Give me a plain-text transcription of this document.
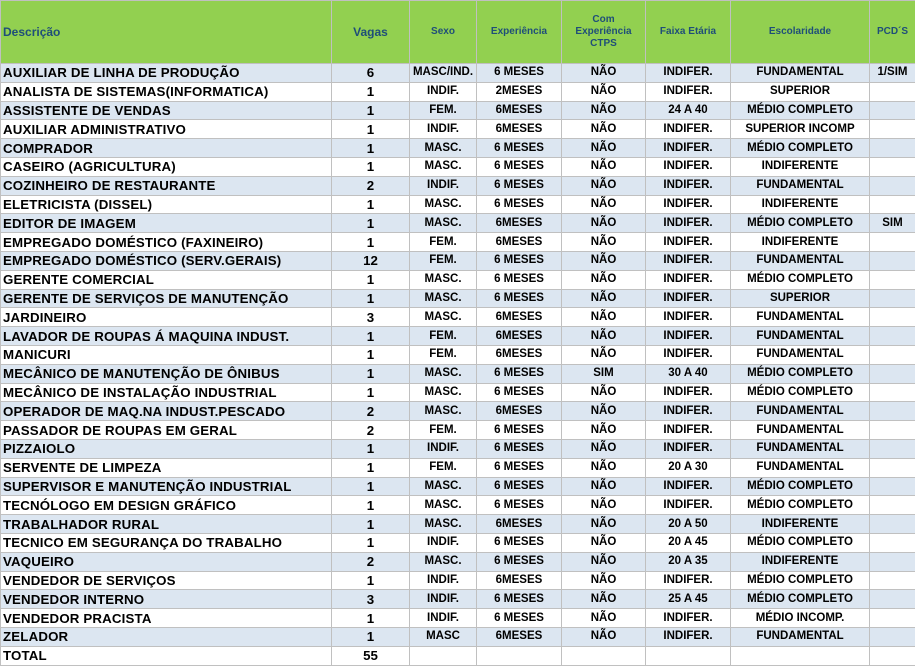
Descrição	Vagas	Sexo	Experiência	Com Experiência CTPS	Faixa Etária	Escolaridade	PCD´S
AUXILIAR DE LINHA DE PRODUÇÃO	6	MASC/IND.	6 MESES	NÃO	INDIFER.	FUNDAMENTAL	1/SIM
ANALISTA DE SISTEMAS(INFORMATICA)	1	INDIF.	2MESES	NÃO	INDIFER.	SUPERIOR	
ASSISTENTE DE VENDAS	1	FEM.	6MESES	NÃO	24 A 40	MÉDIO COMPLETO	
AUXILIAR ADMINISTRATIVO	1	INDIF.	6MESES	NÃO	INDIFER.	SUPERIOR INCOMP	
COMPRADOR	1	MASC.	6 MESES	NÃO	INDIFER.	MÉDIO COMPLETO	
CASEIRO (AGRICULTURA)	1	MASC.	6 MESES	NÃO	INDIFER.	INDIFERENTE	
COZINHEIRO DE RESTAURANTE	2	INDIF.	6 MESES	NÃO	INDIFER.	FUNDAMENTAL	
ELETRICISTA (DISSEL)	1	MASC.	6 MESES	NÃO	INDIFER.	INDIFERENTE	
EDITOR DE IMAGEM	1	MASC.	6MESES	NÃO	INDIFER.	MÉDIO COMPLETO	SIM
EMPREGADO DOMÉSTICO (FAXINEIRO)	1	FEM.	6MESES	NÃO	INDIFER.	INDIFERENTE	
EMPREGADO DOMÉSTICO (SERV.GERAIS)	12	FEM.	6 MESES	NÃO	INDIFER.	FUNDAMENTAL	
GERENTE COMERCIAL	1	MASC.	6 MESES	NÃO	INDIFER.	MÉDIO COMPLETO	
GERENTE DE SERVIÇOS DE MANUTENÇÃO	1	MASC.	6 MESES	NÃO	INDIFER.	SUPERIOR	
JARDINEIRO	3	MASC.	6MESES	NÃO	INDIFER.	FUNDAMENTAL	
LAVADOR DE ROUPAS Á MAQUINA INDUST.	1	FEM.	6MESES	NÃO	INDIFER.	FUNDAMENTAL	
MANICURI	1	FEM.	6MESES	NÃO	INDIFER.	FUNDAMENTAL	
MECÂNICO DE MANUTENÇÃO DE ÔNIBUS	1	MASC.	6 MESES	SIM	30 A 40	MÉDIO COMPLETO	
MECÂNICO DE INSTALAÇÃO INDUSTRIAL	1	MASC.	6 MESES	NÃO	INDIFER.	MÉDIO COMPLETO	
OPERADOR DE MAQ.NA INDUST.PESCADO	2	MASC.	6MESES	NÃO	INDIFER.	FUNDAMENTAL	
PASSADOR DE ROUPAS EM GERAL	2	FEM.	6 MESES	NÃO	INDIFER.	FUNDAMENTAL	
PIZZAIOLO	1	INDIF.	6 MESES	NÃO	INDIFER.	FUNDAMENTAL	
SERVENTE DE LIMPEZA	1	FEM.	6 MESES	NÃO	20 A 30	FUNDAMENTAL	
SUPERVISOR E MANUTENÇÃO INDUSTRIAL	1	MASC.	6 MESES	NÃO	INDIFER.	MÉDIO COMPLETO	
TECNÓLOGO EM DESIGN GRÁFICO	1	MASC.	6 MESES	NÃO	INDIFER.	MÉDIO COMPLETO	
TRABALHADOR RURAL	1	MASC.	6MESES	NÃO	20 A 50	INDIFERENTE	
TECNICO EM SEGURANÇA DO TRABALHO	1	INDIF.	6 MESES	NÃO	20 A 45	MÉDIO COMPLETO	
VAQUEIRO	2	MASC.	6 MESES	NÃO	20 A 35	INDIFERENTE	
VENDEDOR DE SERVIÇOS	1	INDIF.	6MESES	NÃO	INDIFER.	MÉDIO COMPLETO	
VENDEDOR INTERNO	3	INDIF.	6 MESES	NÃO	25 A 45	MÉDIO COMPLETO	
VENDEDOR PRACISTA	1	INDIF.	6 MESES	NÃO	INDIFER.	MÉDIO INCOMP.	
ZELADOR	1	MASC	6MESES	NÃO	INDIFER.	FUNDAMENTAL	
TOTAL	55						
